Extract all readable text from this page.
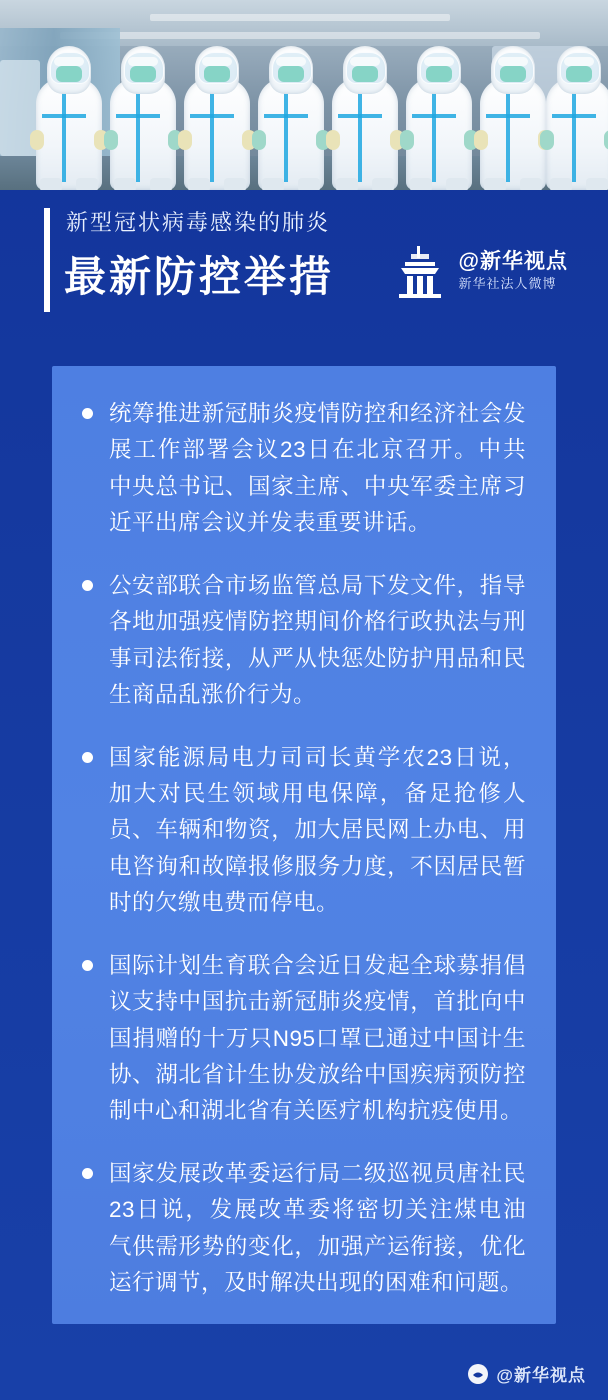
新型冠状病毒感染的肺炎
最新防控举措	@新华视点
新华社法人微博
统筹推进新冠肺炎疫情防控和经济社会发展工作部署会议23日在北京召开。中共中央总书记、国家主席、中央军委主席习近平出席会议并发表重要讲话。
公安部联合市场监管总局下发文件，指导各地加强疫情防控期间价格行政执法与刑事司法衔接，从严从快惩处防护用品和民生商品乱涨价行为。
国家能源局电力司司长黄学农23日说，加大对民生领域用电保障，备足抢修人员、车辆和物资，加大居民网上办电、用电咨询和故障报修服务力度，不因居民暂时的欠缴电费而停电。
国际计划生育联合会近日发起全球募捐倡议支持中国抗击新冠肺炎疫情，首批向中国捐赠的十万只N95口罩已通过中国计生协、湖北省计生协发放给中国疾病预防控制中心和湖北省有关医疗机构抗疫使用。
国家发展改革委运行局二级巡视员唐社民23日说，发展改革委将密切关注煤电油气供需形势的变化，加强产运衔接，优化运行调节，及时解决出现的困难和问题。
@新华视点
